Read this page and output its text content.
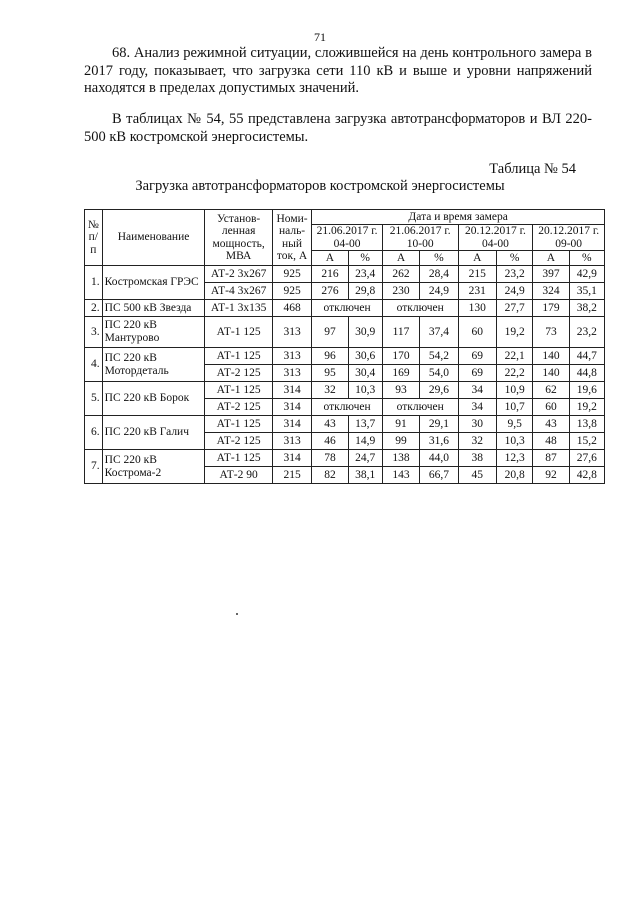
71
68. Анализ режимной ситуации, сложившейся на день контрольного замера в 2017 году, показывает, что загрузка сети 110 кВ и выше и уровни напряжений находятся в пределах допустимых значений.
В таблицах № 54, 55 представлена загрузка автотрансформаторов и ВЛ 220-500 кВ костромской энергосистемы.
Таблица № 54
Загрузка автотрансформаторов костромской энергосистемы
№ п/п	Наименование	Установ-ленная мощность, МВА	Номи-наль-ный ток, А	Дата и время замера							
				21.06.2017 г. 04-00		21.06.2017 г. 10-00		20.12.2017 г. 04-00		20.12.2017 г. 09-00	
				А	%	А	%	А	%	А	%
1.	Костромская ГРЭС	АТ-2 3х267	925	216	23,4	262	28,4	215	23,2	397	42,9
		АТ-4 3х267	925	276	29,8	230	24,9	231	24,9	324	35,1
2.	ПС 500 кВ Звезда	АТ-1 3х135	468	отключен		отключен		130	27,7	179	38,2
3.	ПС 220 кВ Мантурово	АТ-1 125	313	97	30,9	117	37,4	60	19,2	73	23,2
4.	ПС 220 кВ Мотордеталь	АТ-1 125	313	96	30,6	170	54,2	69	22,1	140	44,7
		АТ-2 125	313	95	30,4	169	54,0	69	22,2	140	44,8
5.	ПС 220 кВ Борок	АТ-1 125	314	32	10,3	93	29,6	34	10,9	62	19,6
		АТ-2 125	314	отключен		отключен		34	10,7	60	19,2
6.	ПС 220 кВ Галич	АТ-1 125	314	43	13,7	91	29,1	30	9,5	43	13,8
		АТ-2 125	313	46	14,9	99	31,6	32	10,3	48	15,2
7.	ПС 220 кВ Кострома-2	АТ-1 125	314	78	24,7	138	44,0	38	12,3	87	27,6
		АТ-2 90	215	82	38,1	143	66,7	45	20,8	92	42,8
